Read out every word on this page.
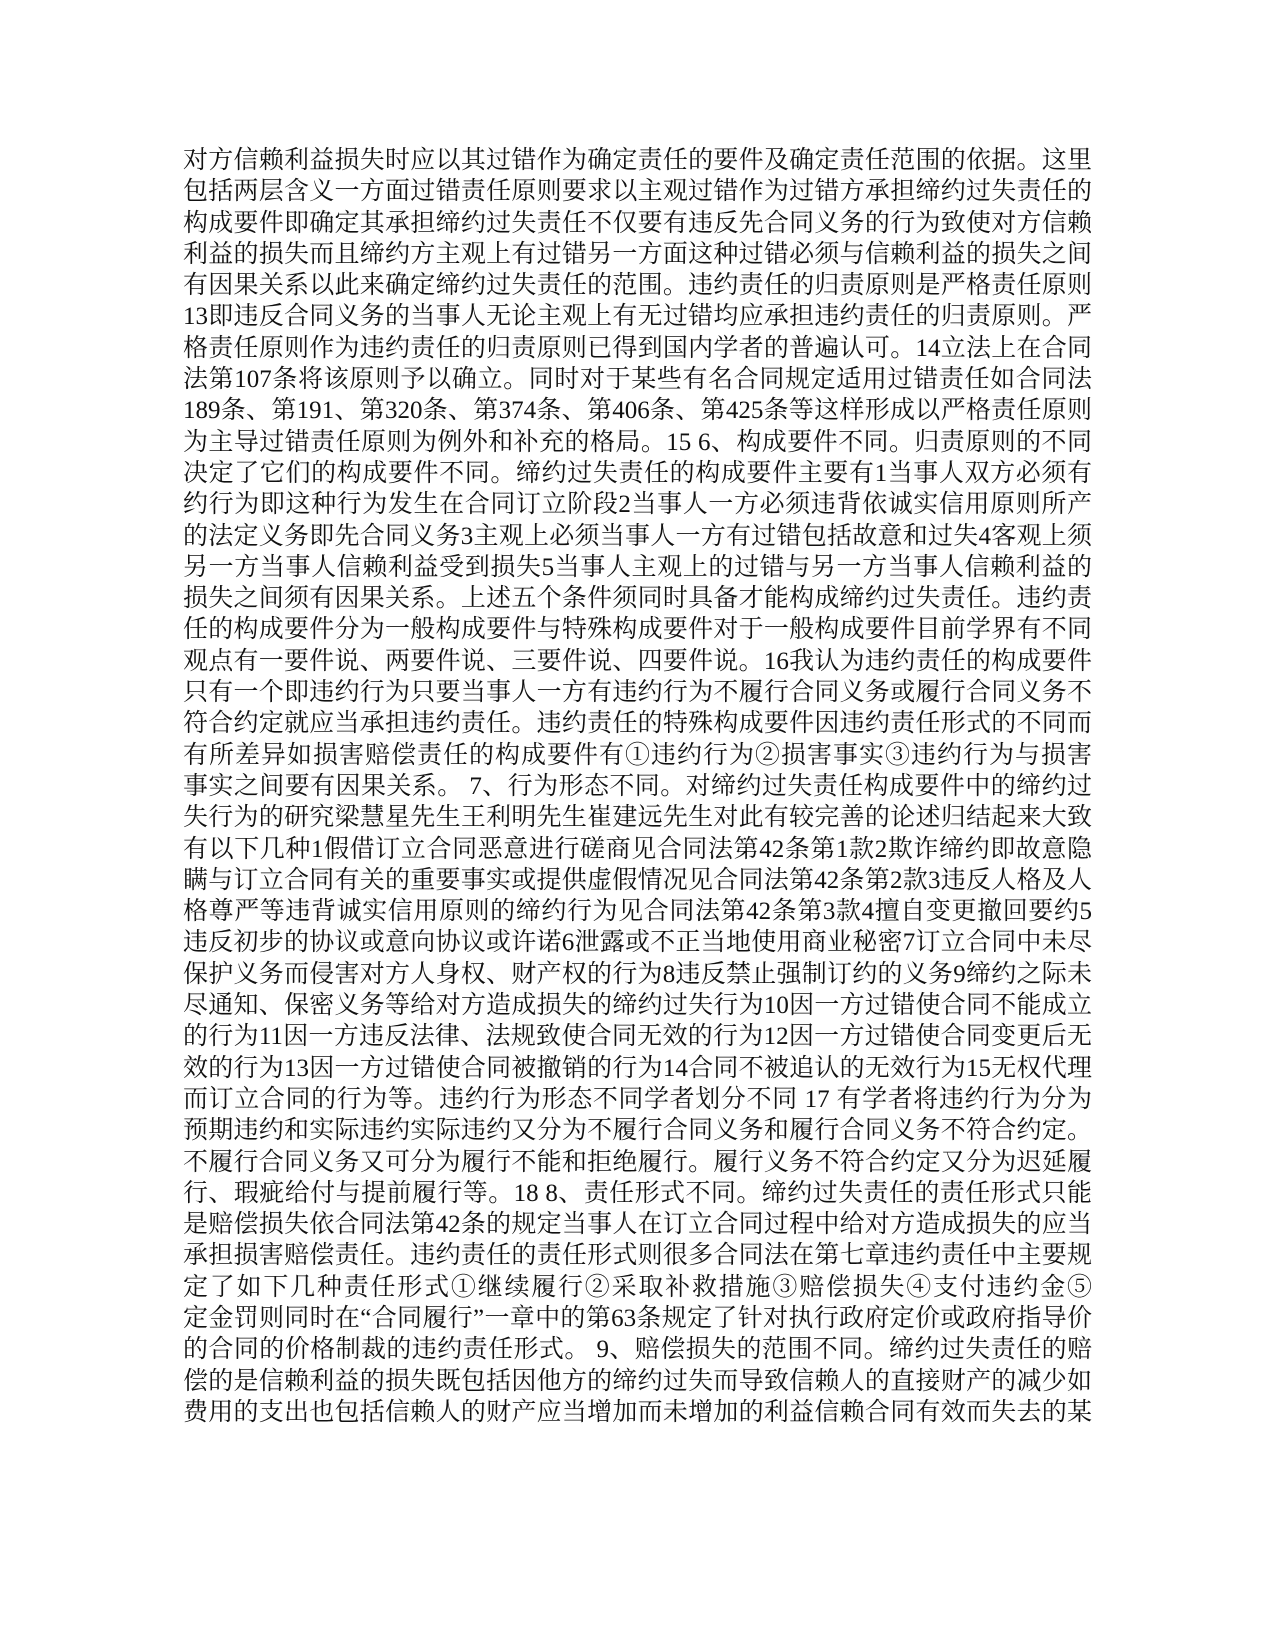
对方信赖利益损失时应以其过错作为确定责任的要件及确定责任范围的依据。这里
包括两层含义一方面过错责任原则要求以主观过错作为过错方承担缔约过失责任的
构成要件即确定其承担缔约过失责任不仅要有违反先合同义务的行为致使对方信赖
利益的损失而且缔约方主观上有过错另一方面这种过错必须与信赖利益的损失之间
有因果关系以此来确定缔约过失责任的范围。违约责任的归责原则是严格责任原则
13即违反合同义务的当事人无论主观上有无过错均应承担违约责任的归责原则。严
格责任原则作为违约责任的归责原则已得到国内学者的普遍认可。14立法上在合同
法第107条将该原则予以确立。同时对于某些有名合同规定适用过错责任如合同法
189条、第191、第320条、第374条、第406条、第425条等这样形成以严格责任原则
为主导过错责任原则为例外和补充的格局。15 6、构成要件不同。归责原则的不同
决定了它们的构成要件不同。缔约过失责任的构成要件主要有1当事人双方必须有
约行为即这种行为发生在合同订立阶段2当事人一方必须违背依诚实信用原则所产
的法定义务即先合同义务3主观上必须当事人一方有过错包括故意和过失4客观上须
另一方当事人信赖利益受到损失5当事人主观上的过错与另一方当事人信赖利益的
损失之间须有因果关系。上述五个条件须同时具备才能构成缔约过失责任。违约责
任的构成要件分为一般构成要件与特殊构成要件对于一般构成要件目前学界有不同
观点有一要件说、两要件说、三要件说、四要件说。16我认为违约责任的构成要件
只有一个即违约行为只要当事人一方有违约行为不履行合同义务或履行合同义务不
符合约定就应当承担违约责任。违约责任的特殊构成要件因违约责任形式的不同而
有所差异如损害赔偿责任的构成要件有①违约行为②损害事实③违约行为与损害
事实之间要有因果关系。 7、行为形态不同。对缔约过失责任构成要件中的缔约过
失行为的研究梁慧星先生王利明先生崔建远先生对此有较完善的论述归结起来大致
有以下几种1假借订立合同恶意进行磋商见合同法第42条第1款2欺诈缔约即故意隐
瞒与订立合同有关的重要事实或提供虚假情况见合同法第42条第2款3违反人格及人
格尊严等违背诚实信用原则的缔约行为见合同法第42条第3款4擅自变更撤回要约5
违反初步的协议或意向协议或许诺6泄露或不正当地使用商业秘密7订立合同中未尽
保护义务而侵害对方人身权、财产权的行为8违反禁止强制订约的义务9缔约之际未
尽通知、保密义务等给对方造成损失的缔约过失行为10因一方过错使合同不能成立
的行为11因一方违反法律、法规致使合同无效的行为12因一方过错使合同变更后无
效的行为13因一方过错使合同被撤销的行为14合同不被追认的无效行为15无权代理
而订立合同的行为等。违约行为形态不同学者划分不同 17 有学者将违约行为分为
预期违约和实际违约实际违约又分为不履行合同义务和履行合同义务不符合约定。
不履行合同义务又可分为履行不能和拒绝履行。履行义务不符合约定又分为迟延履
行、瑕疵给付与提前履行等。18 8、责任形式不同。缔约过失责任的责任形式只能
是赔偿损失依合同法第42条的规定当事人在订立合同过程中给对方造成损失的应当
承担损害赔偿责任。违约责任的责任形式则很多合同法在第七章违约责任中主要规
定了如下几种责任形式①继续履行②采取补救措施③赔偿损失④支付违约金⑤
定金罚则同时在“合同履行”一章中的第63条规定了针对执行政府定价或政府指导价
的合同的价格制裁的违约责任形式。 9、赔偿损失的范围不同。缔约过失责任的赔
偿的是信赖利益的损失既包括因他方的缔约过失而导致信赖人的直接财产的减少如
费用的支出也包括信赖人的财产应当增加而未增加的利益信赖合同有效而失去的某
